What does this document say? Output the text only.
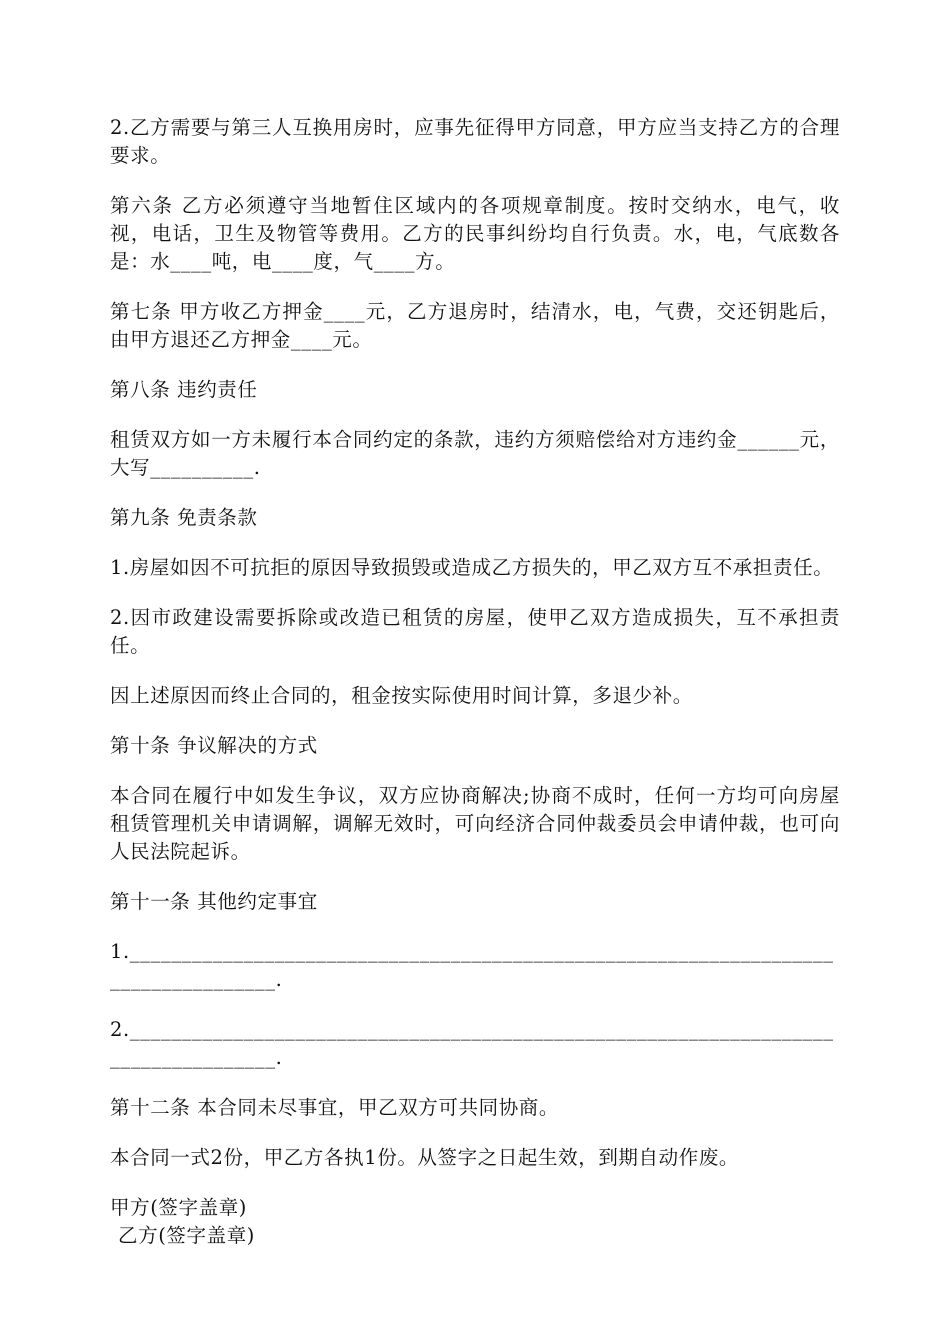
2.乙方需要与第三人互换用房时，应事先征得甲方同意，甲方应当支持乙方的合理要求。

第六条 乙方必须遵守当地暂住区域内的各项规章制度。按时交纳水，电气，收视，电话，卫生及物管等费用。乙方的民事纠纷均自行负责。水，电，气底数各是：水____吨，电____度，气____方。

第七条 甲方收乙方押金____元，乙方退房时，结清水，电，气费，交还钥匙后，由甲方退还乙方押金____元。

第八条 违约责任

租赁双方如一方未履行本合同约定的条款，违约方须赔偿给对方违约金______元，大写__________.

第九条 免责条款

1.房屋如因不可抗拒的原因导致损毁或造成乙方损失的，甲乙双方互不承担责任。

2.因市政建设需要拆除或改造已租赁的房屋，使甲乙双方造成损失，互不承担责任。

因上述原因而终止合同的，租金按实际使用时间计算，多退少补。

第十条 争议解决的方式

本合同在履行中如发生争议，双方应协商解决;协商不成时，任何一方均可向房屋租赁管理机关申请调解，调解无效时，可向经济合同仲裁委员会申请仲裁，也可向人民法院起诉。

第十一条 其他约定事宜

1.____________________________________________________________________________________.

2.____________________________________________________________________________________.

第十二条 本合同未尽事宜，甲乙双方可共同协商。

本合同一式2份，甲乙方各执1份。从签字之日起生效，到期自动作废。

甲方(签字盖章)

乙方(签字盖章)
